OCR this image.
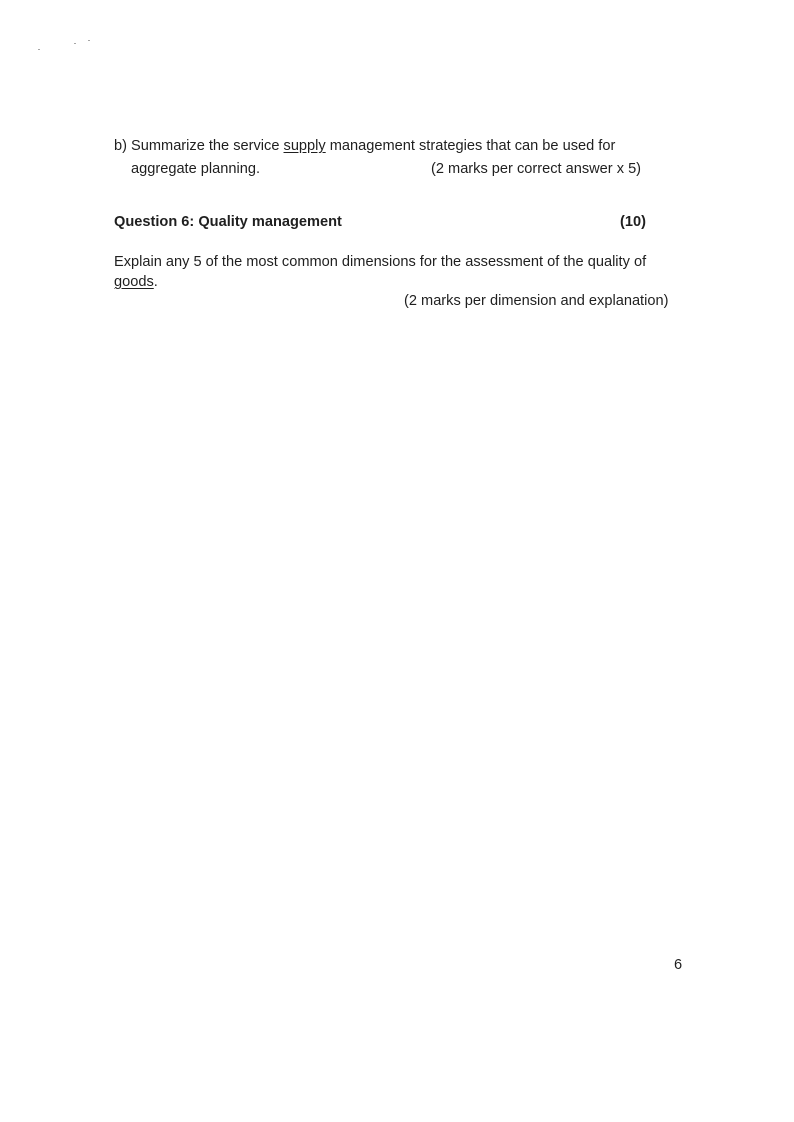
b) Summarize the service supply management strategies that can be used for
aggregate planning.	(2 marks per correct answer x 5)
Question 6: Quality management	(10)
Explain any 5 of the most common dimensions for the assessment of the quality of
goods.
(2 marks per dimension and explanation)
6
